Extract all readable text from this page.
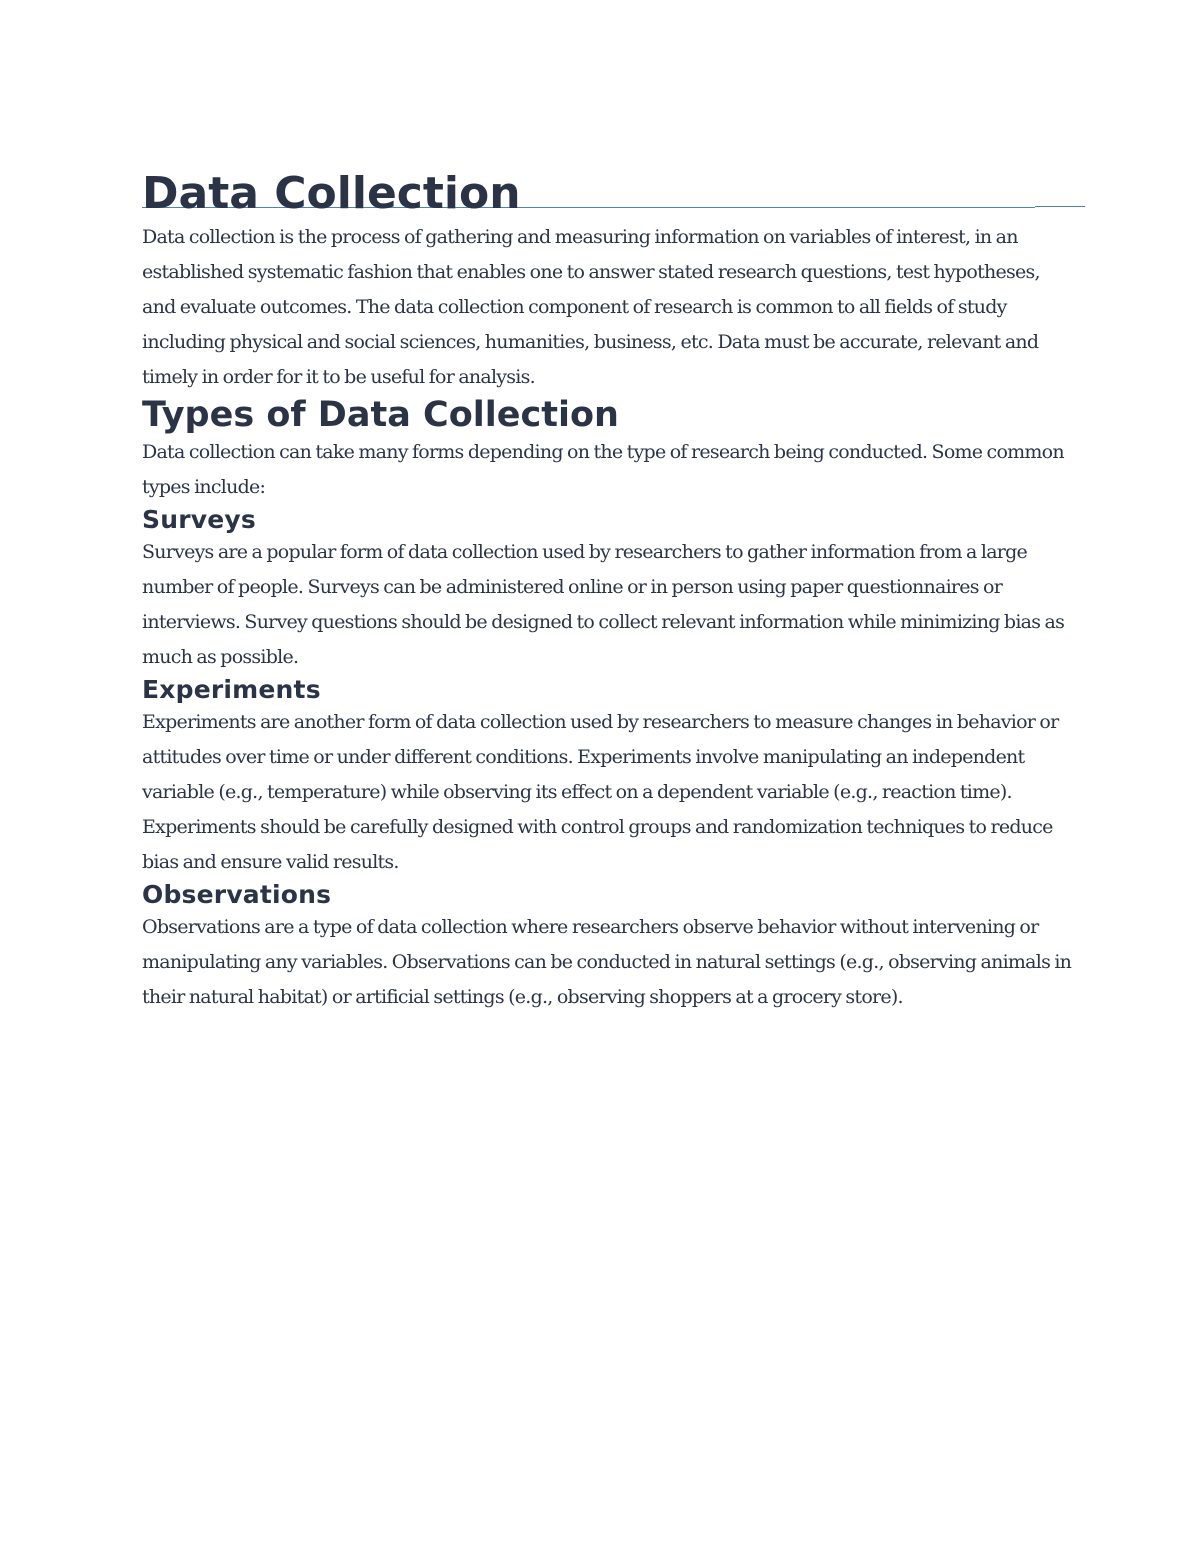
Data Collection

Data collection is the process of gathering and measuring information on variables of interest, in an established systematic fashion that enables one to answer stated research questions, test hypotheses, and evaluate outcomes. The data collection component of research is common to all fields of study including physical and social sciences, humanities, business, etc. Data must be accurate, relevant and timely in order for it to be useful for analysis.

Types of Data Collection

Data collection can take many forms depending on the type of research being conducted. Some common types include:

Surveys

Surveys are a popular form of data collection used by researchers to gather information from a large number of people. Surveys can be administered online or in person using paper questionnaires or interviews. Survey questions should be designed to collect relevant information while minimizing bias as much as possible.

Experiments

Experiments are another form of data collection used by researchers to measure changes in behavior or attitudes over time or under different conditions. Experiments involve manipulating an independent variable (e.g., temperature) while observing its effect on a dependent variable (e.g., reaction time). Experiments should be carefully designed with control groups and randomization techniques to reduce bias and ensure valid results.

Observations

Observations are a type of data collection where researchers observe behavior without intervening or manipulating any variables. Observations can be conducted in natural settings (e.g., observing animals in their natural habitat) or artificial settings (e.g., observing shoppers at a grocery store).
